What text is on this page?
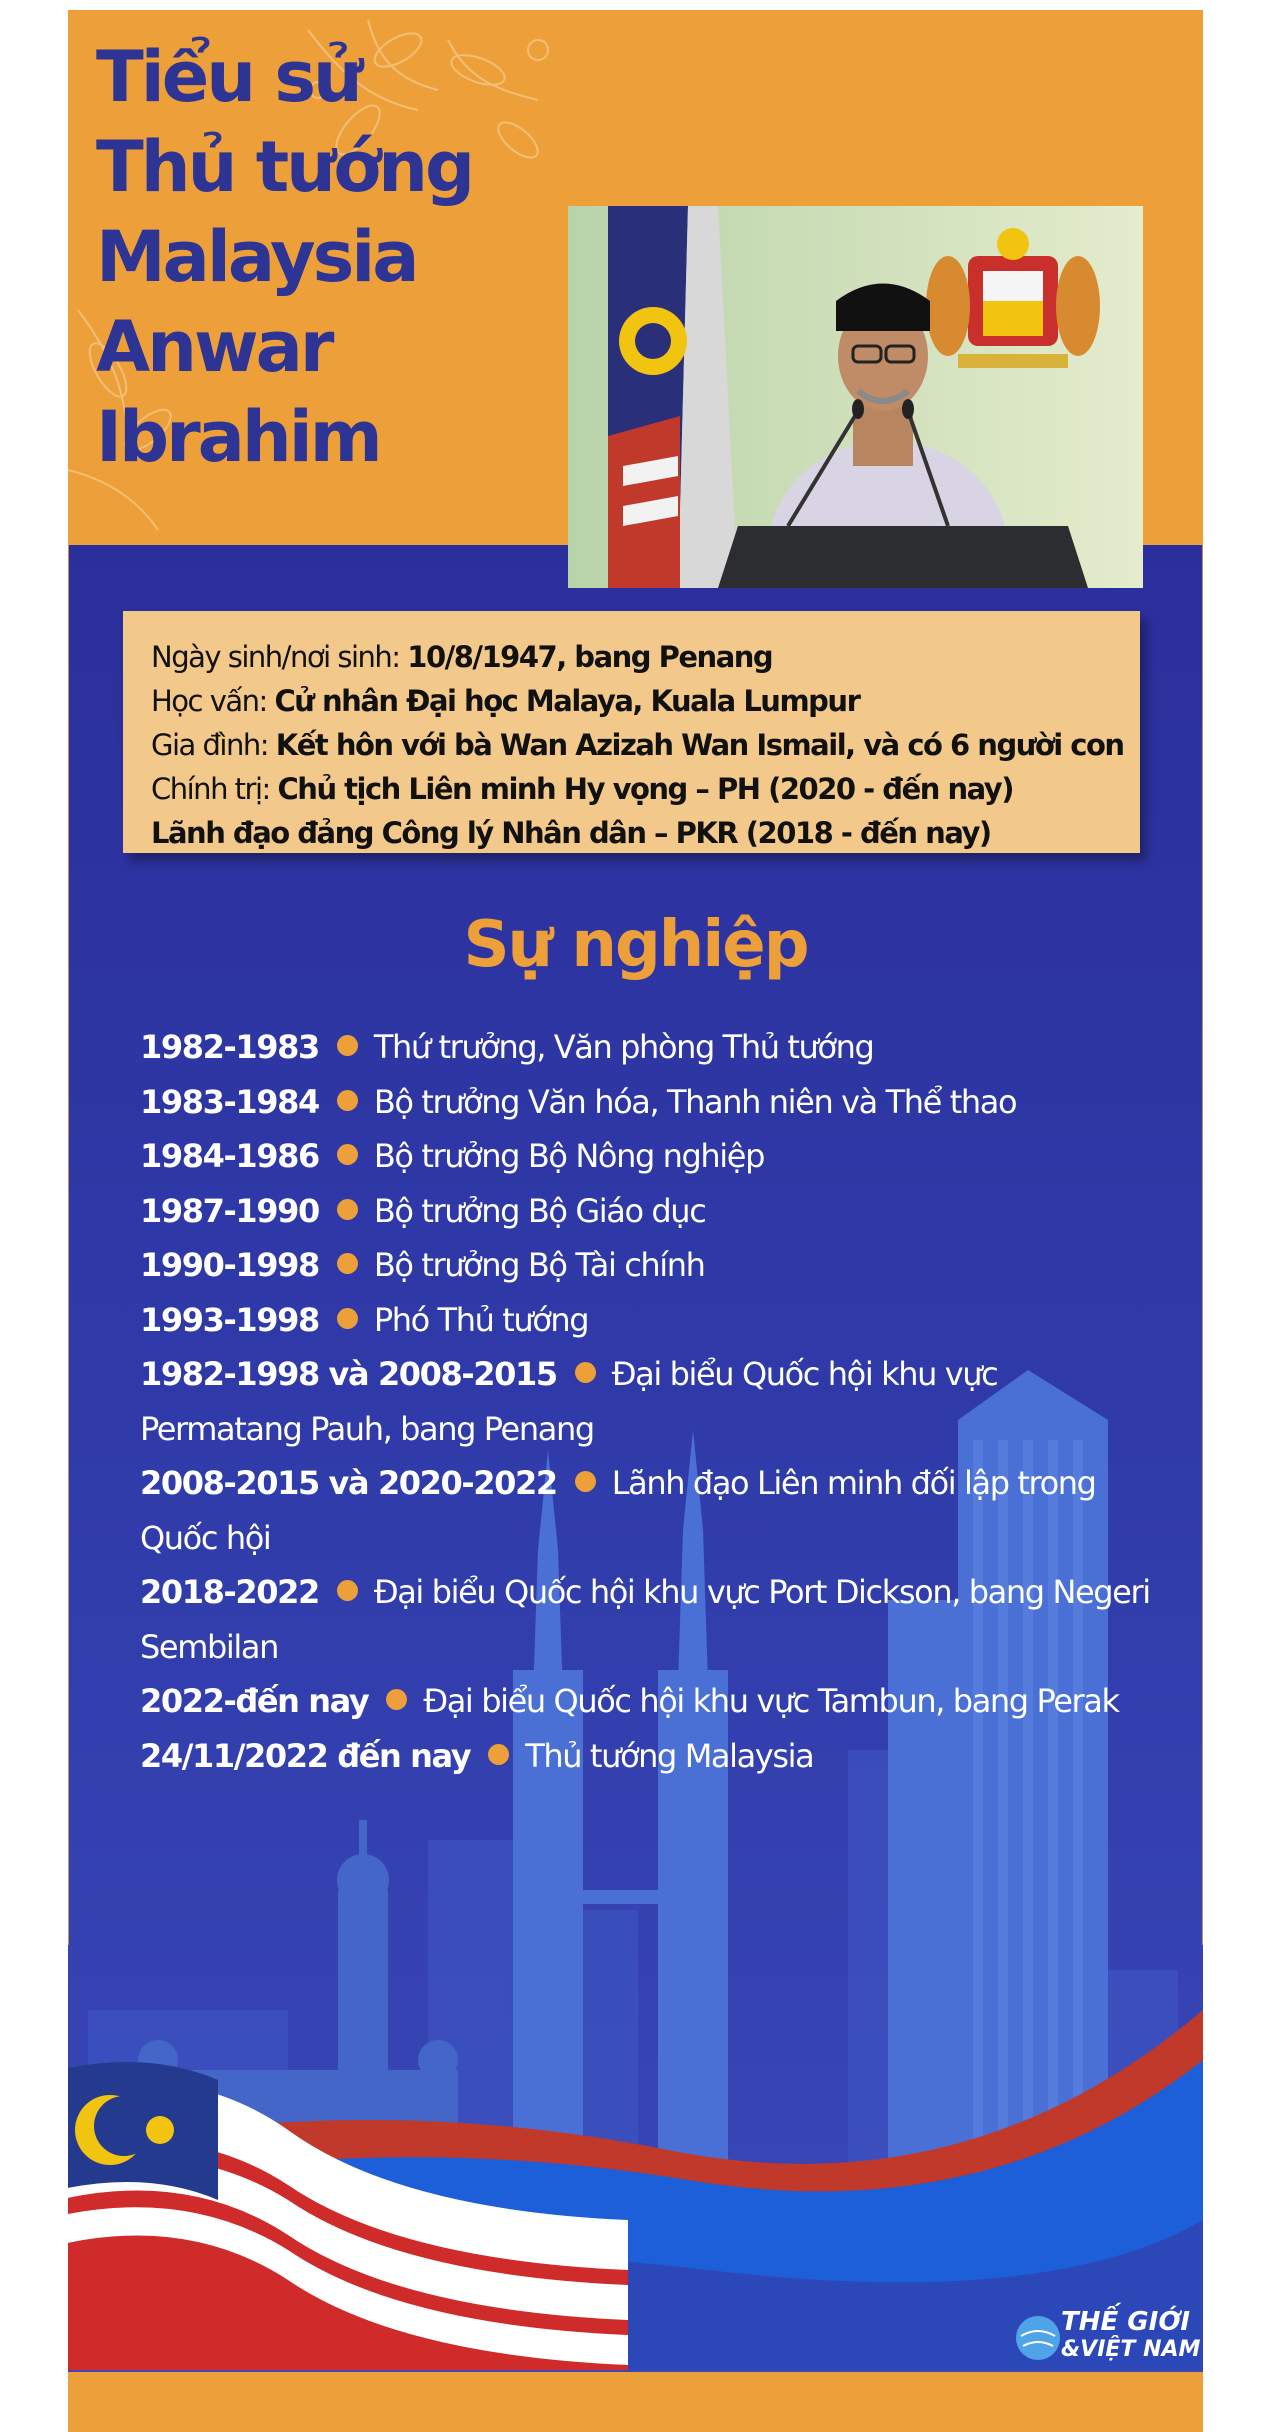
Tiểu sử
Thủ tướng
Malaysia
Anwar
Ibrahim
Ngày sinh/nơi sinh: 10/8/1947, bang Penang
Học vấn: Cử nhân Đại học Malaya, Kuala Lumpur
Gia đình: Kết hôn với bà Wan Azizah Wan Ismail, và có 6 người con
Chính trị: Chủ tịch Liên minh Hy vọng – PH (2020 - đến nay)
Lãnh đạo đảng Công lý Nhân dân – PKR (2018 - đến nay)
Sự nghiệp
1982-1983 Thứ trưởng, Văn phòng Thủ tướng
1983-1984 Bộ trưởng Văn hóa, Thanh niên và Thể thao
1984-1986 Bộ trưởng Bộ Nông nghiệp
1987-1990 Bộ trưởng Bộ Giáo dục
1990-1998 Bộ trưởng Bộ Tài chính
1993-1998 Phó Thủ tướng
1982-1998 và 2008-2015 Đại biểu Quốc hội khu vực Permatang Pauh, bang Penang
2008-2015 và 2020-2022 Lãnh đạo Liên minh đối lập trong Quốc hội
2018-2022 Đại biểu Quốc hội khu vực Port Dickson, bang Negeri Sembilan
2022-đến nay Đại biểu Quốc hội khu vực Tambun, bang Perak
24/11/2022 đến nay Thủ tướng Malaysia
THẾ GIỚI
&VIỆT NAM
